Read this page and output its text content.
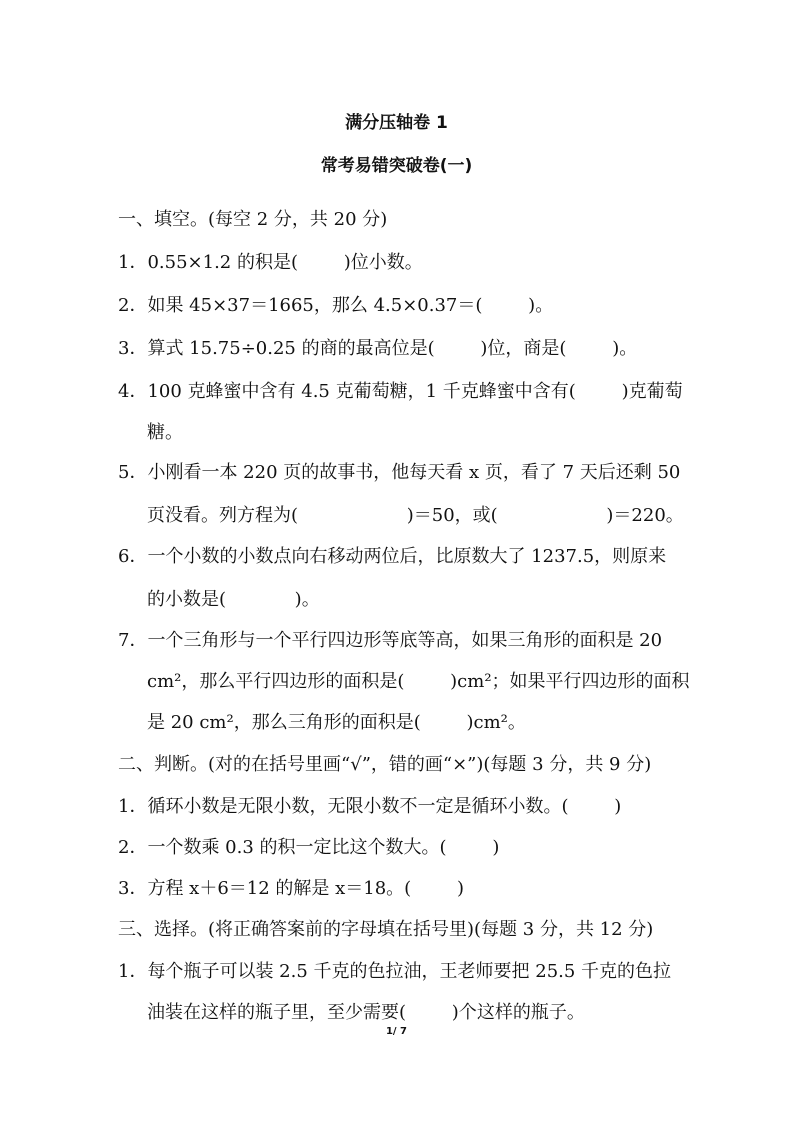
满分压轴卷 1
常考易错突破卷(一)
一、填空。(每空 2 分，共 20 分)
1．0.55×1.2 的积是(        )位小数。
2．如果 45×37＝1665，那么 4.5×0.37＝(        )。
3．算式 15.75÷0.25 的商的最高位是(        )位，商是(        )。
4．100 克蜂蜜中含有 4.5 克葡萄糖，1 千克蜂蜜中含有(        )克葡萄
糖。
5．小刚看一本 220 页的故事书，他每天看 x 页，看了 7 天后还剩 50
页没看。列方程为(                   )＝50，或(                   )＝220。
6．一个小数的小数点向右移动两位后，比原数大了 1237.5，则原来
的小数是(            )。
7．一个三角形与一个平行四边形等底等高，如果三角形的面积是 20
cm²，那么平行四边形的面积是(        )cm²；如果平行四边形的面积
是 20 cm²，那么三角形的面积是(        )cm²。
二、判断。(对的在括号里画“√”，错的画“×”)(每题 3 分，共 9 分)
1．循环小数是无限小数，无限小数不一定是循环小数。(        )
2．一个数乘 0.3 的积一定比这个数大。(        )
3．方程 x＋6＝12 的解是 x＝18。(        )
三、选择。(将正确答案前的字母填在括号里)(每题 3 分，共 12 分)
1．每个瓶子可以装 2.5 千克的色拉油，王老师要把 25.5 千克的色拉
油装在这样的瓶子里，至少需要(        )个这样的瓶子。
1/ 7
